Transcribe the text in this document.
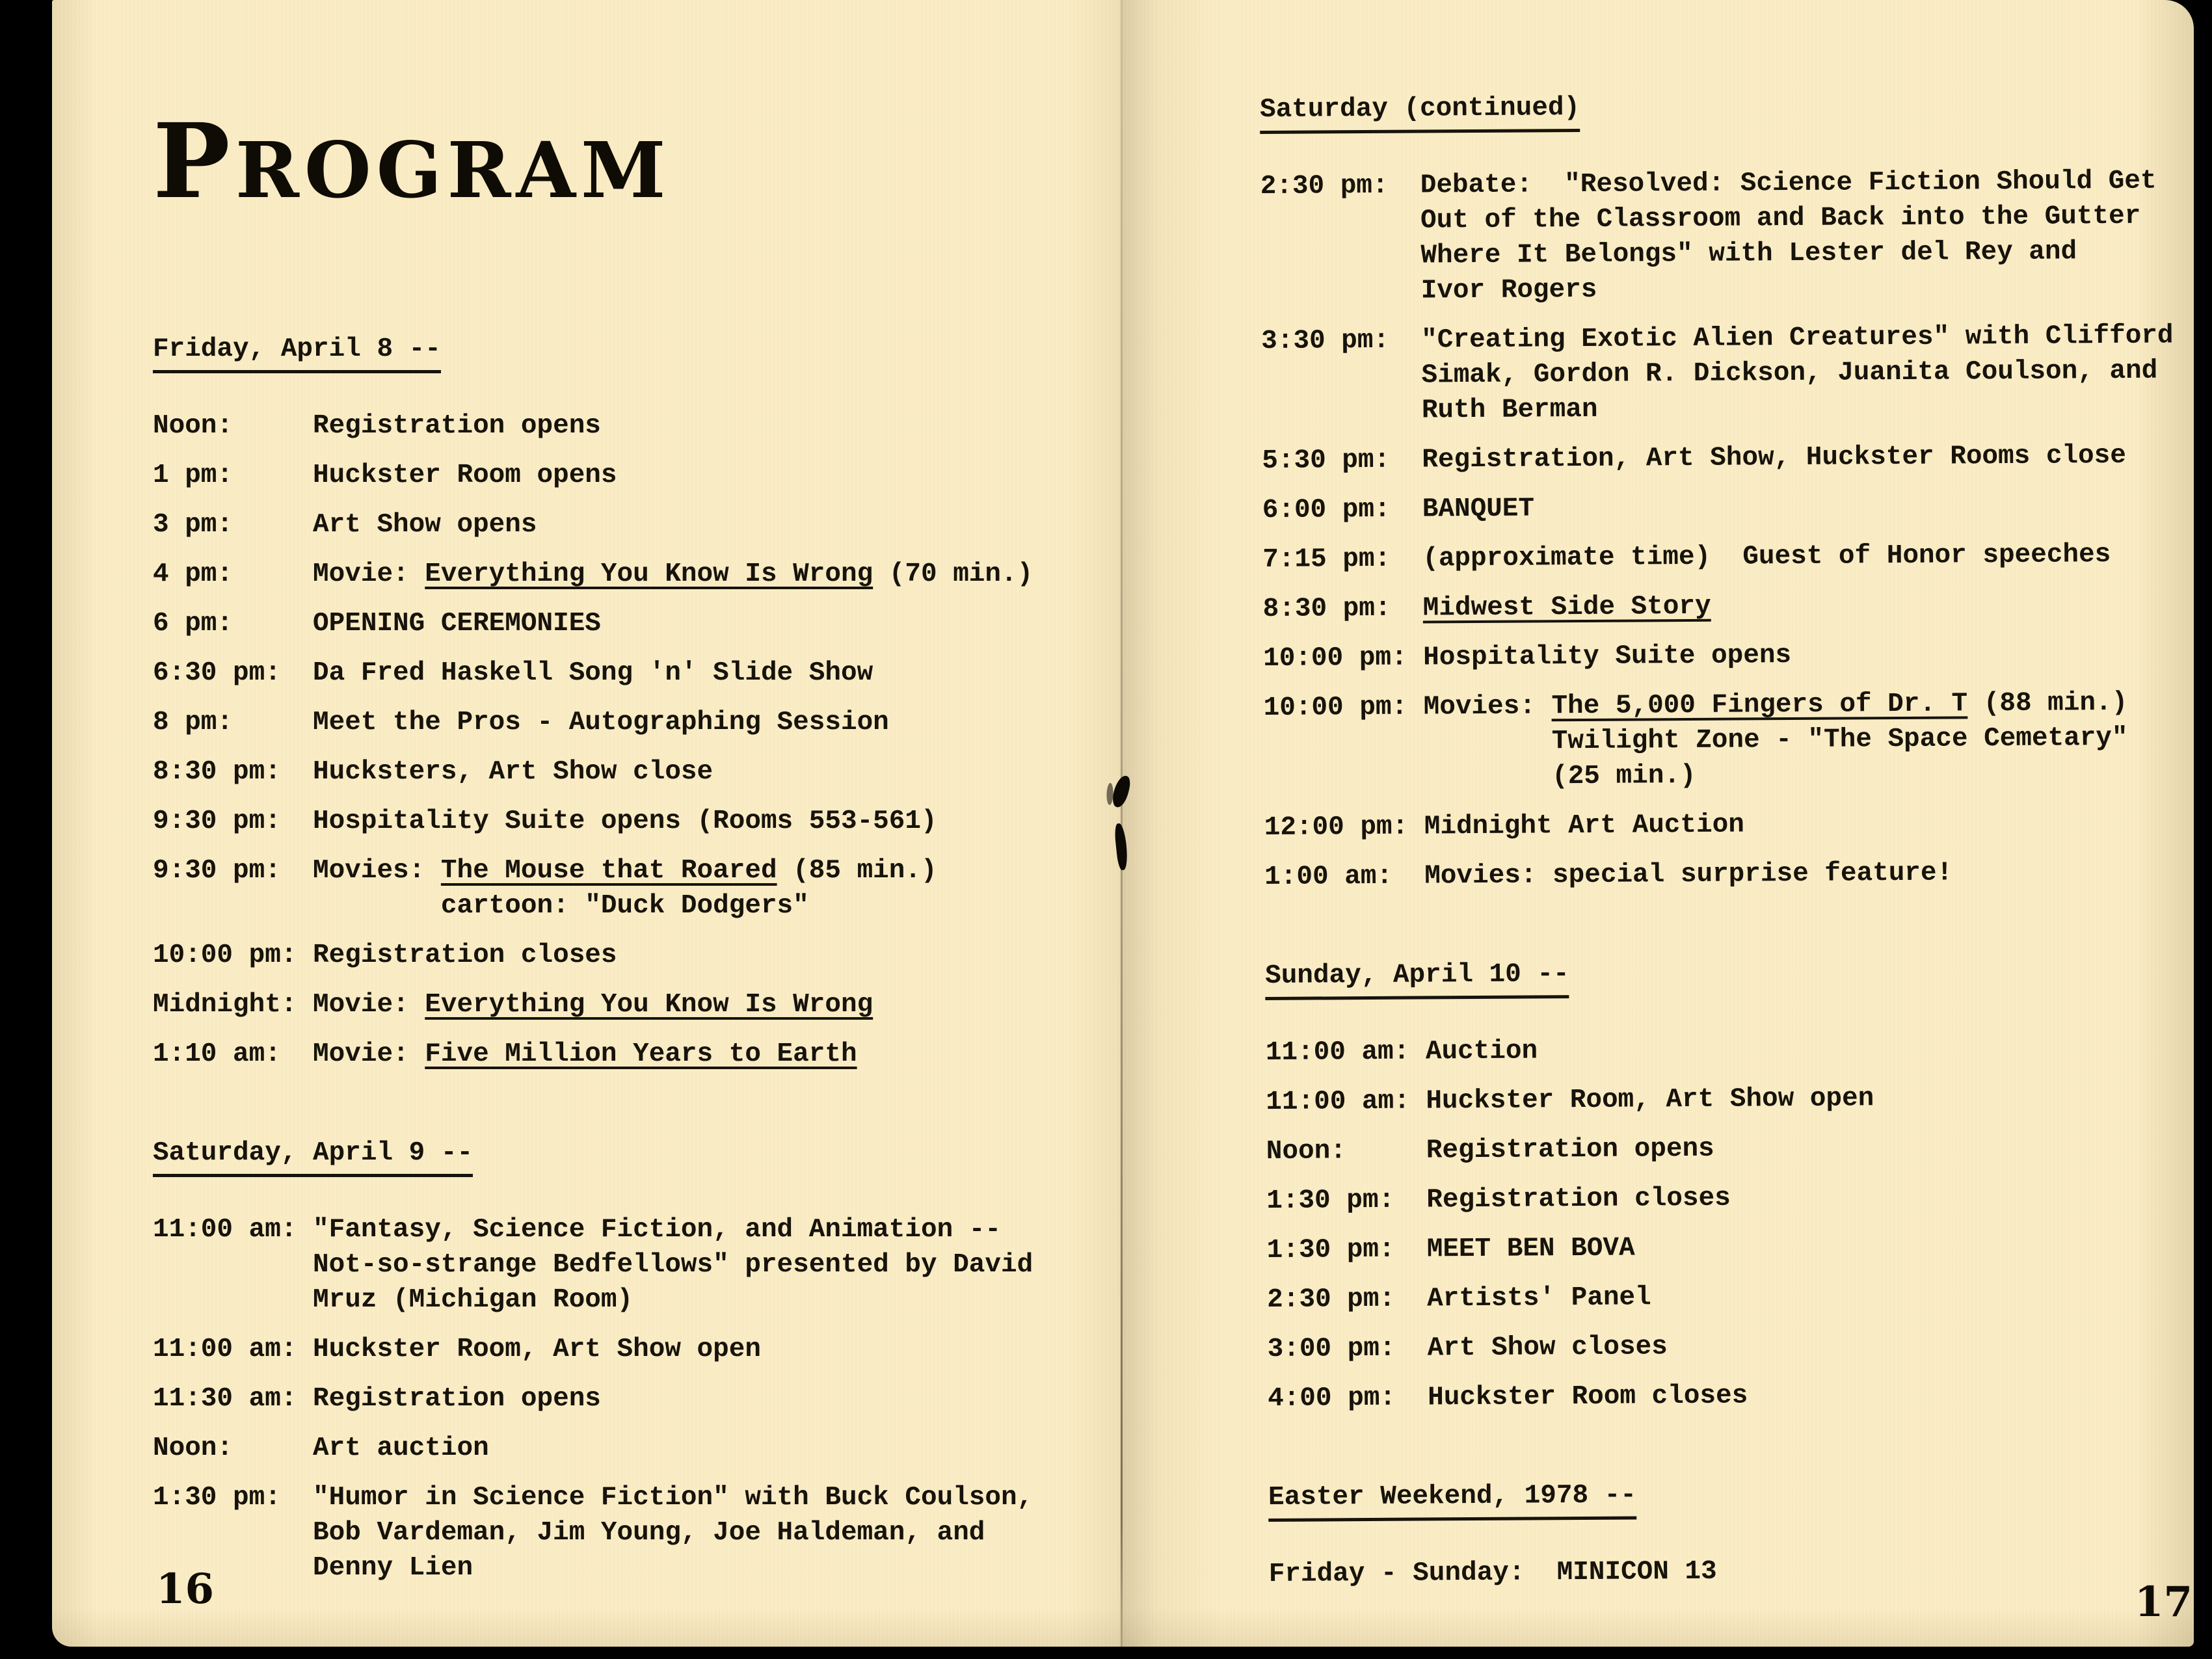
PROGRAM
Friday, April 8 --
Noon:	Registration opens
1 pm:	Huckster Room opens
3 pm:	Art Show opens
4 pm:	Movie: Everything You Know Is Wrong (70 min.)
6 pm:	OPENING CEREMONIES
6:30 pm:	Da Fred Haskell Song 'n' Slide Show
8 pm:	Meet the Pros - Autographing Session
8:30 pm:	Hucksters, Art Show close
9:30 pm:	Hospitality Suite opens (Rooms 553-561)
9:30 pm:	Movies: The Mouse that Roared (85 min.)
cartoon: "Duck Dodgers"
10:00 pm: Registration closes
Midnight: Movie: Everything You Know Is Wrong
1:10 am:	Movie: Five Million Years to Earth
Saturday, April 9 --
11:00 am: "Fantasy, Science Fiction, and Animation --
Not-so-strange Bedfellows" presented by David
Mruz (Michigan Room)
11:00 am: Huckster Room, Art Show open
11:30 am: Registration opens
Noon:	Art auction
1:30 pm:	"Humor in Science Fiction" with Buck Coulson,
Bob Vardeman, Jim Young, Joe Haldeman, and
Denny Lien
Saturday (continued)
2:30 pm:	Debate:  "Resolved: Science Fiction Should Get
Out of the Classroom and Back into the Gutter
Where It Belongs" with Lester del Rey and
Ivor Rogers
3:30 pm:	"Creating Exotic Alien Creatures" with Clifford
Simak, Gordon R. Dickson, Juanita Coulson, and
Ruth Berman
5:30 pm:	Registration, Art Show, Huckster Rooms close
6:00 pm:	BANQUET
7:15 pm:	(approximate time)  Guest of Honor speeches
8:30 pm:	Midwest Side Story
10:00 pm: Hospitality Suite opens
10:00 pm: Movies: The 5,000 Fingers of Dr. T (88 min.)
Twilight Zone - "The Space Cemetary"
(25 min.)
12:00 pm: Midnight Art Auction
1:00 am:	Movies: special surprise feature!
Sunday, April 10 --
11:00 am: Auction
11:00 am: Huckster Room, Art Show open
Noon:	Registration opens
1:30 pm:	Registration closes
1:30 pm:	MEET BEN BOVA
2:30 pm:	Artists' Panel
3:00 pm:	Art Show closes
4:00 pm:	Huckster Room closes
Easter Weekend, 1978 --
Friday - Sunday: MINICON 13
16	17
